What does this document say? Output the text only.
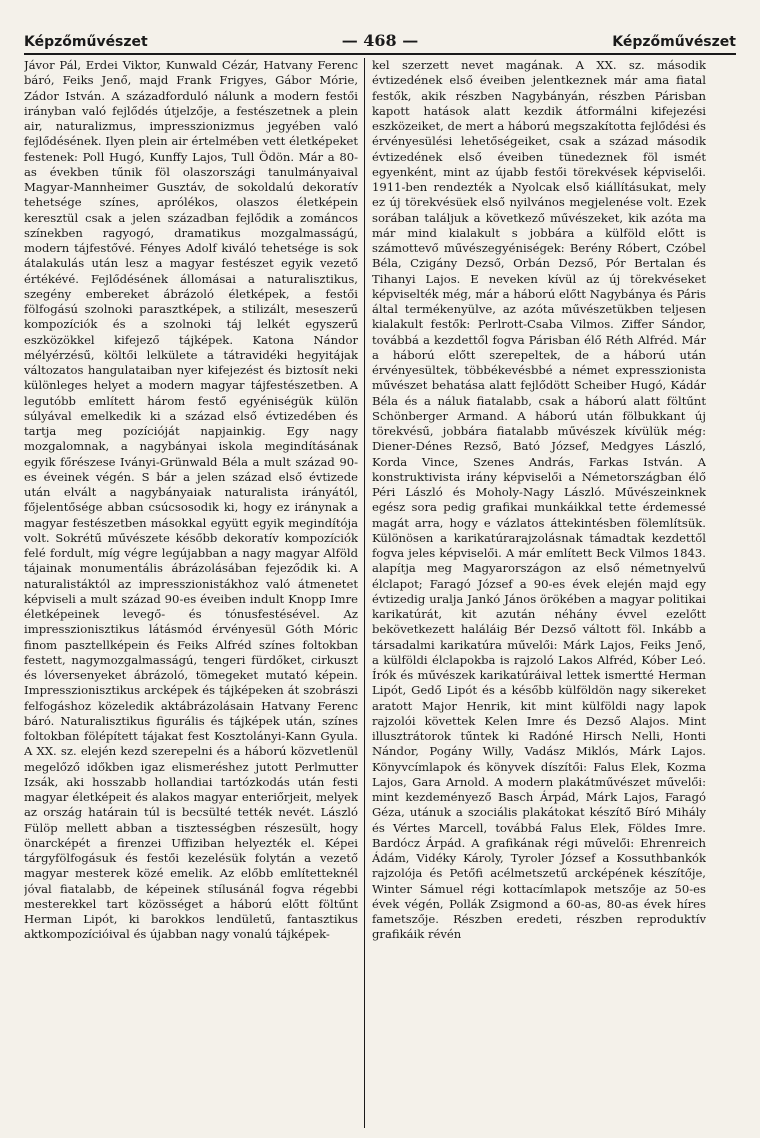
Képzőművészet	— 468 —	Képzőművészet

Jávor Pál, Erdei Viktor, Kunwald Cézár, Hatvany Ferenc báró, Feiks Jenő, majd Frank Frigyes, Gábor Mórie, Zádor István. A századforduló nálunk a modern festői irányban való fejlődés útjelzője, a festészetnek a plein air, naturalizmus, impresszionizmus jegyében való fejlődésének. Ilyen plein air értelmében vett életképeket festenek: Poll Hugó, Kunffy Lajos, Tull Ödön. Már a 80-as években tűnik föl olaszországi tanulmányaival Magyar-Mannheimer Gusztáv, de sokoldalú dekoratív tehetsége színes, aprólékos, olaszos életképein keresztül csak a jelen században fejlődik a zománcos színekben ragyogó, dramatikus mozgalmasságú, modern tájfestővé. Fényes Adolf kiváló tehetsége is sok átalakulás után lesz a magyar festészet egyik vezető értékévé. Fejlődésének állomásai a naturalisztikus, szegény embereket ábrázoló életképek, a festői fölfogású szolnoki parasztképek, a stilizált, meseszerű kompozíciók és a szolnoki táj lelkét egyszerű eszközökkel kifejező tájképek. Katona Nándor mélyérzésű, költői lelkülete a tátravidéki hegyitájak változatos hangulataiban nyer kifejezést és biztosít neki különleges helyet a modern magyar tájfestészetben. A legutóbb említett három festő egyéniségük külön súlyával emelkedik ki a század első évtizedében és tartja meg pozícióját napjainkig. Egy nagy mozgalomnak, a nagybányai iskola megindításának egyik főrészese Iványi-Grünwald Béla a mult század 90-es éveinek végén. S bár a jelen század első évtizede után elvált a nagybányaiak naturalista irányától, főjelentősége abban csúcsosodik ki, hogy ez iránynak a magyar festészetben másokkal együtt egyik megindítója volt. Sokrétű művészete később dekoratív kompozíciók felé fordult, míg végre legújabban a nagy magyar Alföld tájainak monumentális ábrázolásában fejeződik ki. A naturalistáktól az impresszionistákhoz való átmenetet képviseli a mult század 90-es éveiben indult Knopp Imre életképeinek levegő- és tónusfestésével. Az impresszionisztikus látásmód érvényesül Góth Móric finom pasztellképein és Feiks Alfréd színes foltokban festett, nagymozgalmasságú, tengeri fürdőket, cirkuszt és lóversenyeket ábrázoló, tömegeket mutató képein. Impresszionisztikus arcképek és tájképeken át szobrászi felfogáshoz közeledik aktábrázolásain Hatvany Ferenc báró. Naturalisztikus figurális és tájképek után, színes foltokban fölépített tájakat fest Kosztolányi-Kann Gyula. A XX. sz. elején kezd szerepelni és a háború közvetlenül megelőző időkben igaz elismeréshez jutott Perlmutter Izsák, aki hosszabb hollandiai tartózkodás után festi magyar életképeit és alakos magyar enteriőrjeit, melyek az ország határain túl is becsülté tették nevét. László Fülöp mellett abban a tisztességben részesült, hogy önarcképét a firenzei Uffiziban helyezték el. Képei tárgyfölfogásuk és festői kezelésük folytán a vezető magyar mesterek közé emelik. Az előbb említetteknél jóval fiatalabb, de képeinek stílusánál fogva régebbi mesterekkel tart közösséget a háború előtt föltűnt Herman Lipót, ki barokkos lendületű, fantasztikus aktkompozícióival és újabban nagy vonalú tájképek-

kel szerzett nevet magának. A XX. sz. második évtizedének első éveiben jelentkeznek már ama fiatal festők, akik részben Nagybányán, részben Párisban kapott hatások alatt kezdik átformálni kifejezési eszközeiket, de mert a háború megszakította fejlődési és érvényesülési lehetőségeiket, csak a század második évtizedének első éveiben tünedeznek föl ismét egyenként, mint az újabb festői törekvések képviselői. 1911-ben rendezték a Nyolcak első kiállításukat, mely ez új törekvésüek első nyilvános megjelenése volt. Ezek sorában találjuk a következő művészeket, kik azóta ma már mind kialakult s jobbára a külföld előtt is számottevő művészegyéniségek: Berény Róbert, Czóbel Béla, Czigány Dezső, Orbán Dezső, Pór Bertalan és Tihanyi Lajos. E neveken kívül az új törekvéseket képviselték még, már a háború előtt Nagybánya és Páris által termékenyülve, az azóta művészetükben teljesen kialakult festők: Perlrott-Csaba Vilmos. Ziffer Sándor, továbbá a kezdettől fogva Párisban élő Réth Alfréd. Már a háború előtt szerepeltek, de a háború után érvényesültek, többékevésbbé a német expresszionista művészet behatása alatt fejlődött Scheiber Hugó, Kádár Béla és a náluk fiatalabb, csak a háború alatt föltűnt Schönberger Armand. A háború után fölbukkant új törekvésű, jobbára fiatalabb művészek kívülük még: Diener-Dénes Rezső, Bató József, Medgyes László, Korda Vince, Szenes András, Farkas István. A konstruktivista irány képviselői a Németországban élő Péri László és Moholy-Nagy László. Művészeinknek egész sora pedig grafikai munkáikkal tette érdemessé magát arra, hogy e vázlatos áttekintésben fölemlítsük. Különösen a karikatúrarajzolásnak támadtak kezdettől fogva jeles képviselői. A már említett Beck Vilmos 1843. alapítja meg Magyarországon az első németnyelvű élclapot; Faragó József a 90-es évek elején majd egy évtizedig uralja Jankó János örökében a magyar politikai karikatúrát, kit azután néhány évvel ezelőtt bekövetkezett haláláig Bér Dezső váltott föl. Inkább a társadalmi karikatúra művelői: Márk Lajos, Feiks Jenő, a külföldi élclapokba is rajzoló Lakos Alfréd, Kóber Leó. Írók és művészek karikatúráival lettek ismertté Herman Lipót, Gedő Lipót és a később külföldön nagy sikereket aratott Major Henrik, kit mint külföldi nagy lapok rajzolói követtek Kelen Imre és Dezső Alajos. Mint illusztrátorok tűntek ki Radóné Hirsch Nelli, Honti Nándor, Pogány Willy, Vadász Miklós, Márk Lajos. Könyvcímlapok és könyvek díszítői: Falus Elek, Kozma Lajos, Gara Arnold. A modern plakátművészet művelői: mint kezdeményező Basch Árpád, Márk Lajos, Faragó Géza, utánuk a szociális plakátokat készítő Bíró Mihály és Vértes Marcell, továbbá Falus Elek, Földes Imre. Bardócz Árpád. A grafikának régi művelői: Ehrenreich Ádám, Vidéky Károly, Tyroler József a Kossuthbankók rajzolója és Petőfi acélmetszetű arcképének készítője, Winter Sámuel régi kottacímlapok metszője az 50-es évek végén, Pollák Zsigmond a 60-as, 80-as évek híres fametszője. Részben eredeti, részben reproduktív grafikáik révén
